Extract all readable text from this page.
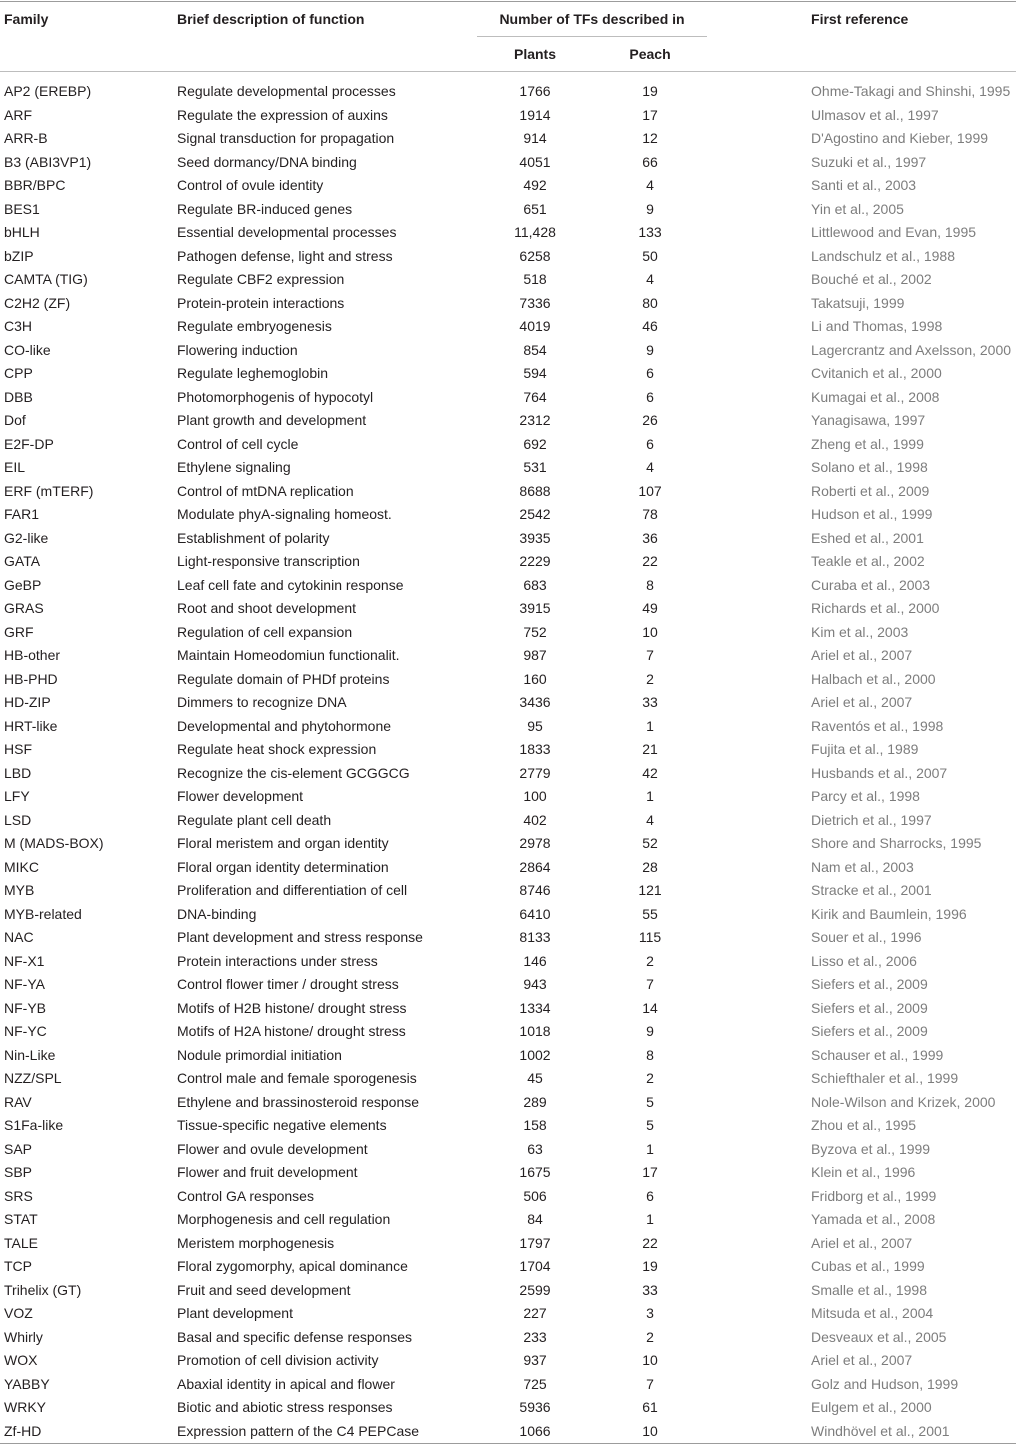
Family	Brief description of function	Number of TFs described in			First reference
		Plants	Peach		

AP2 (EREBP)	Regulate developmental processes	1766	19		Ohme-Takagi and Shinshi, 1995
ARF	Regulate the expression of auxins	1914	17		Ulmasov et al., 1997
ARR-B	Signal transduction for propagation	914	12		D'Agostino and Kieber, 1999
B3 (ABI3VP1)	Seed dormancy/DNA binding	4051	66		Suzuki et al., 1997
BBR/BPC	Control of ovule identity	492	4		Santi et al., 2003
BES1	Regulate BR-induced genes	651	9		Yin et al., 2005
bHLH	Essential developmental processes	11,428	133		Littlewood and Evan, 1995
bZIP	Pathogen defense, light and stress	6258	50		Landschulz et al., 1988
CAMTA (TIG)	Regulate CBF2 expression	518	4		Bouché et al., 2002
C2H2 (ZF)	Protein-protein interactions	7336	80		Takatsuji, 1999
C3H	Regulate embryogenesis	4019	46		Li and Thomas, 1998
CO-like	Flowering induction	854	9		Lagercrantz and Axelsson, 2000
CPP	Regulate leghemoglobin	594	6		Cvitanich et al., 2000
DBB	Photomorphogenis of hypocotyl	764	6		Kumagai et al., 2008
Dof	Plant growth and development	2312	26		Yanagisawa, 1997
E2F-DP	Control of cell cycle	692	6		Zheng et al., 1999
EIL	Ethylene signaling	531	4		Solano et al., 1998
ERF (mTERF)	Control of mtDNA replication	8688	107		Roberti et al., 2009
FAR1	Modulate phyA-signaling homeost.	2542	78		Hudson et al., 1999
G2-like	Establishment of polarity	3935	36		Eshed et al., 2001
GATA	Light-responsive transcription	2229	22		Teakle et al., 2002
GeBP	Leaf cell fate and cytokinin response	683	8		Curaba et al., 2003
GRAS	Root and shoot development	3915	49		Richards et al., 2000
GRF	Regulation of cell expansion	752	10		Kim et al., 2003
HB-other	Maintain Homeodomiun functionalit.	987	7		Ariel et al., 2007
HB-PHD	Regulate domain of PHDf proteins	160	2		Halbach et al., 2000
HD-ZIP	Dimmers to recognize DNA	3436	33		Ariel et al., 2007
HRT-like	Developmental and phytohormone	95	1		Raventós et al., 1998
HSF	Regulate heat shock expression	1833	21		Fujita et al., 1989
LBD	Recognize the cis-element GCGGCG	2779	42		Husbands et al., 2007
LFY	Flower development	100	1		Parcy et al., 1998
LSD	Regulate plant cell death	402	4		Dietrich et al., 1997
M (MADS-BOX)	Floral meristem and organ identity	2978	52		Shore and Sharrocks, 1995
MIKC	Floral organ identity determination	2864	28		Nam et al., 2003
MYB	Proliferation and differentiation of cell	8746	121		Stracke et al., 2001
MYB-related	DNA-binding	6410	55		Kirik and Baumlein, 1996
NAC	Plant development and stress response	8133	115		Souer et al., 1996
NF-X1	Protein interactions under stress	146	2		Lisso et al., 2006
NF-YA	Control flower timer / drought stress	943	7		Siefers et al., 2009
NF-YB	Motifs of H2B histone/ drought stress	1334	14		Siefers et al., 2009
NF-YC	Motifs of H2A histone/ drought stress	1018	9		Siefers et al., 2009
Nin-Like	Nodule primordial initiation	1002	8		Schauser et al., 1999
NZZ/SPL	Control male and female sporogenesis	45	2		Schiefthaler et al., 1999
RAV	Ethylene and brassinosteroid response	289	5		Nole-Wilson and Krizek, 2000
S1Fa-like	Tissue-specific negative elements	158	5		Zhou et al., 1995
SAP	Flower and ovule development	63	1		Byzova et al., 1999
SBP	Flower and fruit development	1675	17		Klein et al., 1996
SRS	Control GA responses	506	6		Fridborg et al., 1999
STAT	Morphogenesis and cell regulation	84	1		Yamada et al., 2008
TALE	Meristem morphogenesis	1797	22		Ariel et al., 2007
TCP	Floral zygomorphy, apical dominance	1704	19		Cubas et al., 1999
Trihelix (GT)	Fruit and seed development	2599	33		Smalle et al., 1998
VOZ	Plant development	227	3		Mitsuda et al., 2004
Whirly	Basal and specific defense responses	233	2		Desveaux et al., 2005
WOX	Promotion of cell division activity	937	10		Ariel et al., 2007
YABBY	Abaxial identity in apical and flower	725	7		Golz and Hudson, 1999
WRKY	Biotic and abiotic stress responses	5936	61		Eulgem et al., 2000
Zf-HD	Expression pattern of the C4 PEPCase	1066	10		Windhövel et al., 2001
